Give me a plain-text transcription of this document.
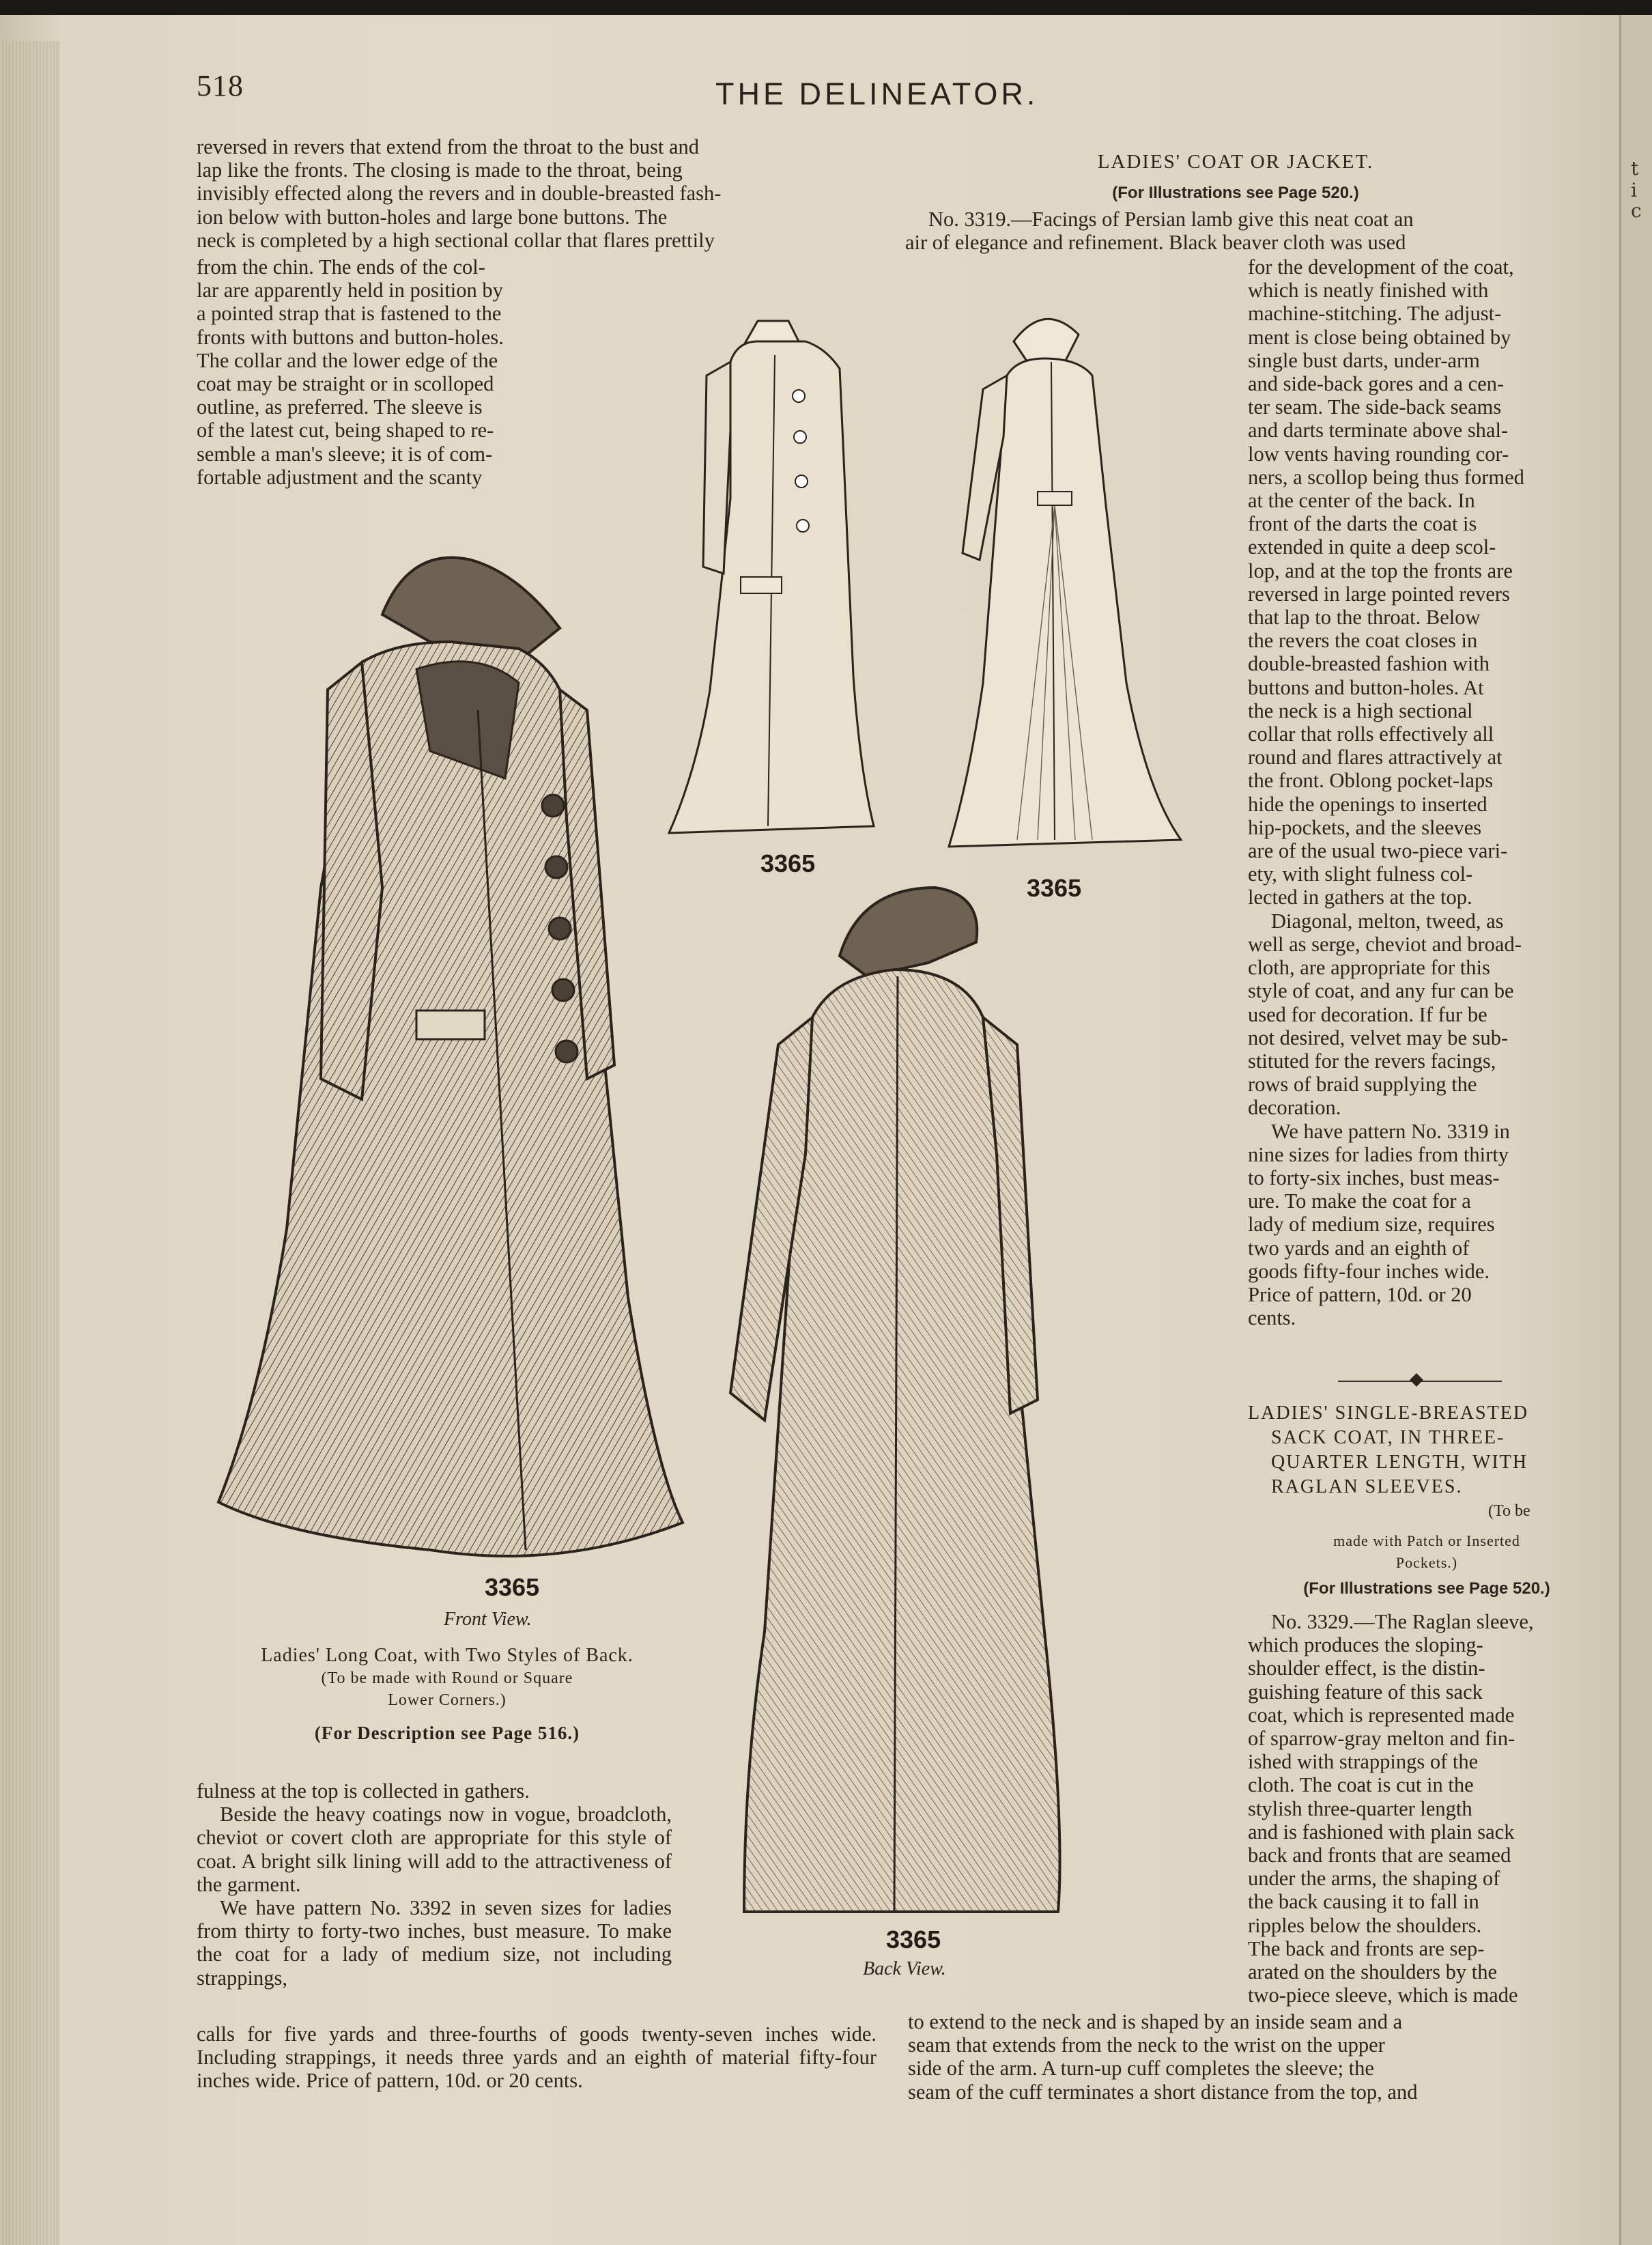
t
i
c
518	THE DELINEATOR.

reversed in revers that extend from the throat to the bust and

lap like the fronts. The closing is made to the throat, being

invisibly effected along the revers and in double-breasted fash-

ion below with button-holes and large bone buttons. The

neck is completed by a high sectional collar that flares prettily

from the chin. The ends of the col-

lar are apparently held in position by

a pointed strap that is fastened to the

fronts with buttons and button-holes.

The collar and the lower edge of the

coat may be straight or in scolloped

outline, as preferred. The sleeve is

of the latest cut, being shaped to re-

semble a man's sleeve; it is of com-

fortable adjustment and the scanty

LADIES' COAT OR JACKET.
(For Illustrations see Page 520.)

No. 3319.—Facings of Persian lamb give this neat coat an

air of elegance and refinement. Black beaver cloth was used

for the development of the coat,

which is neatly finished with

machine-stitching. The adjust-

ment is close being obtained by

single bust darts, under-arm

and side-back gores and a cen-

ter seam. The side-back seams

and darts terminate above shal-

low vents having rounding cor-

ners, a scollop being thus formed

at the center of the back. In

front of the darts the coat is

extended in quite a deep scol-

lop, and at the top the fronts are

reversed in large pointed revers

that lap to the throat. Below

the revers the coat closes in

double-breasted fashion with

buttons and button-holes. At

the neck is a high sectional

collar that rolls effectively all

round and flares attractively at

the front. Oblong pocket-laps

hide the openings to inserted

hip-pockets, and the sleeves

are of the usual two-piece vari-

ety, with slight fulness col-

lected in gathers at the top.

Diagonal, melton, tweed, as

well as serge, cheviot and broad-

cloth, are appropriate for this

style of coat, and any fur can be

used for decoration. If fur be

not desired, velvet may be sub-

stituted for the revers facings,

rows of braid supplying the

decoration.

We have pattern No. 3319 in

nine sizes for ladies from thirty

to forty-six inches, bust meas-

ure. To make the coat for a

lady of medium size, requires

two yards and an eighth of

goods fifty-four inches wide.

Price of pattern, 10d. or 20

cents.

LADIES' SINGLE-BREASTED

SACK COAT, IN THREE-

QUARTER LENGTH, WITH

RAGLAN SLEEVES.

(To be
made with Patch or Inserted
Pockets.)
(For Illustrations see Page 520.)

No. 3329.—The Raglan sleeve,

which produces the sloping-

shoulder effect, is the distin-

guishing feature of this sack

coat, which is represented made

of sparrow-gray melton and fin-

ished with strappings of the

cloth. The coat is cut in the

stylish three-quarter length

and is fashioned with plain sack

back and fronts that are seamed

under the arms, the shaping of

the back causing it to fall in

ripples below the shoulders.

The back and fronts are sep-

arated on the shoulders by the

two-piece sleeve, which is made

to extend to the neck and is shaped by an inside seam and a

seam that extends from the neck to the wrist on the upper

side of the arm. A turn-up cuff completes the sleeve; the

seam of the cuff terminates a short distance from the top, and

fulness at the top is collected in gathers.

Beside the heavy coatings now in vogue, broadcloth, cheviot or covert cloth are appropriate for this style of coat. A bright silk lining will add to the attractiveness of the garment.

We have pattern No. 3392 in seven sizes for ladies from thirty to forty-two inches, bust measure. To make the coat for a lady of medium size, not including strappings,

calls for five yards and three-fourths of goods twenty-seven inches wide. Including strappings, it needs three yards and an eighth of material fifty-four inches wide. Price of pattern, 10d. or 20 cents.
Ladies' Long Coat, with Two Styles of Back.
(To be made with Round or Square
Lower Corners.)
(For Description see Page 516.)
3365
3365
3365
Front View.
3365
Back View.
